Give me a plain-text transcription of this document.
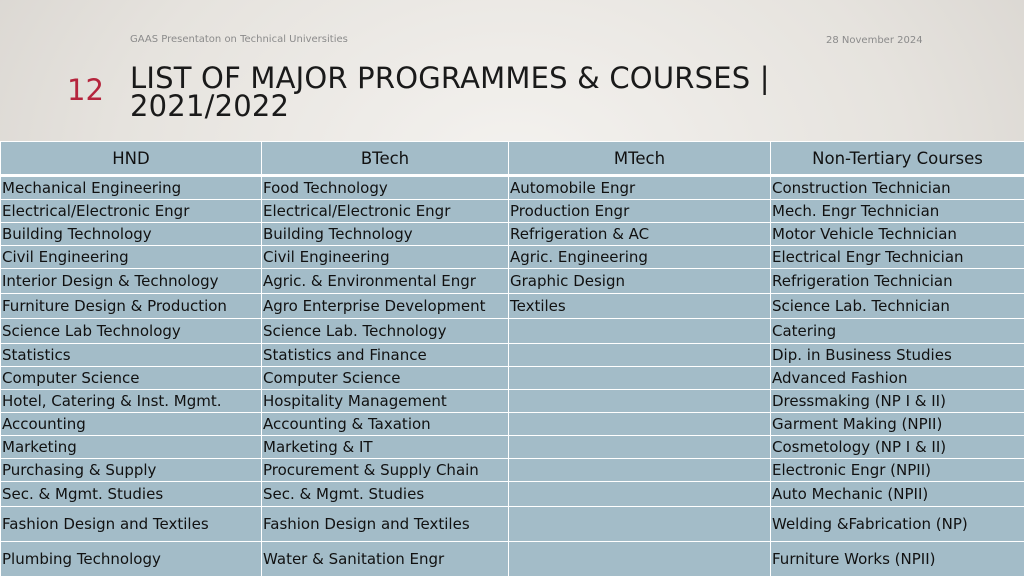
GAAS Presentaton on Technical Universities	28 November 2024
12 LIST OF MAJOR PROGRAMMES & COURSES |
2021/2022
HND	BTech	MTech	Non-Tertiary Courses
Mechanical Engineering	Food Technology	Automobile Engr	Construction Technician
Electrical/Electronic Engr	Electrical/Electronic Engr	Production Engr	Mech. Engr Technician
Building Technology	Building Technology	Refrigeration & AC	Motor Vehicle Technician
Civil Engineering	Civil Engineering	Agric. Engineering	Electrical Engr Technician
Interior Design & Technology	Agric. & Environmental Engr	Graphic Design	Refrigeration Technician
Furniture Design & Production	Agro Enterprise Development	Textiles	Science Lab. Technician
Science Lab Technology	Science Lab. Technology		Catering
Statistics	Statistics and Finance		Dip. in Business Studies
Computer Science	Computer Science		Advanced Fashion
Hotel, Catering & Inst. Mgmt.	Hospitality Management		Dressmaking (NP I & II)
Accounting	Accounting & Taxation		Garment Making (NPII)
Marketing	Marketing & IT		Cosmetology (NP I & II)
Purchasing & Supply	Procurement & Supply Chain		Electronic Engr (NPII)
Sec. & Mgmt. Studies	Sec. & Mgmt. Studies		Auto Mechanic (NPII)
Fashion Design and Textiles	Fashion Design and Textiles		Welding &Fabrication (NP)
Plumbing Technology	Water & Sanitation Engr		Furniture Works (NPII)
